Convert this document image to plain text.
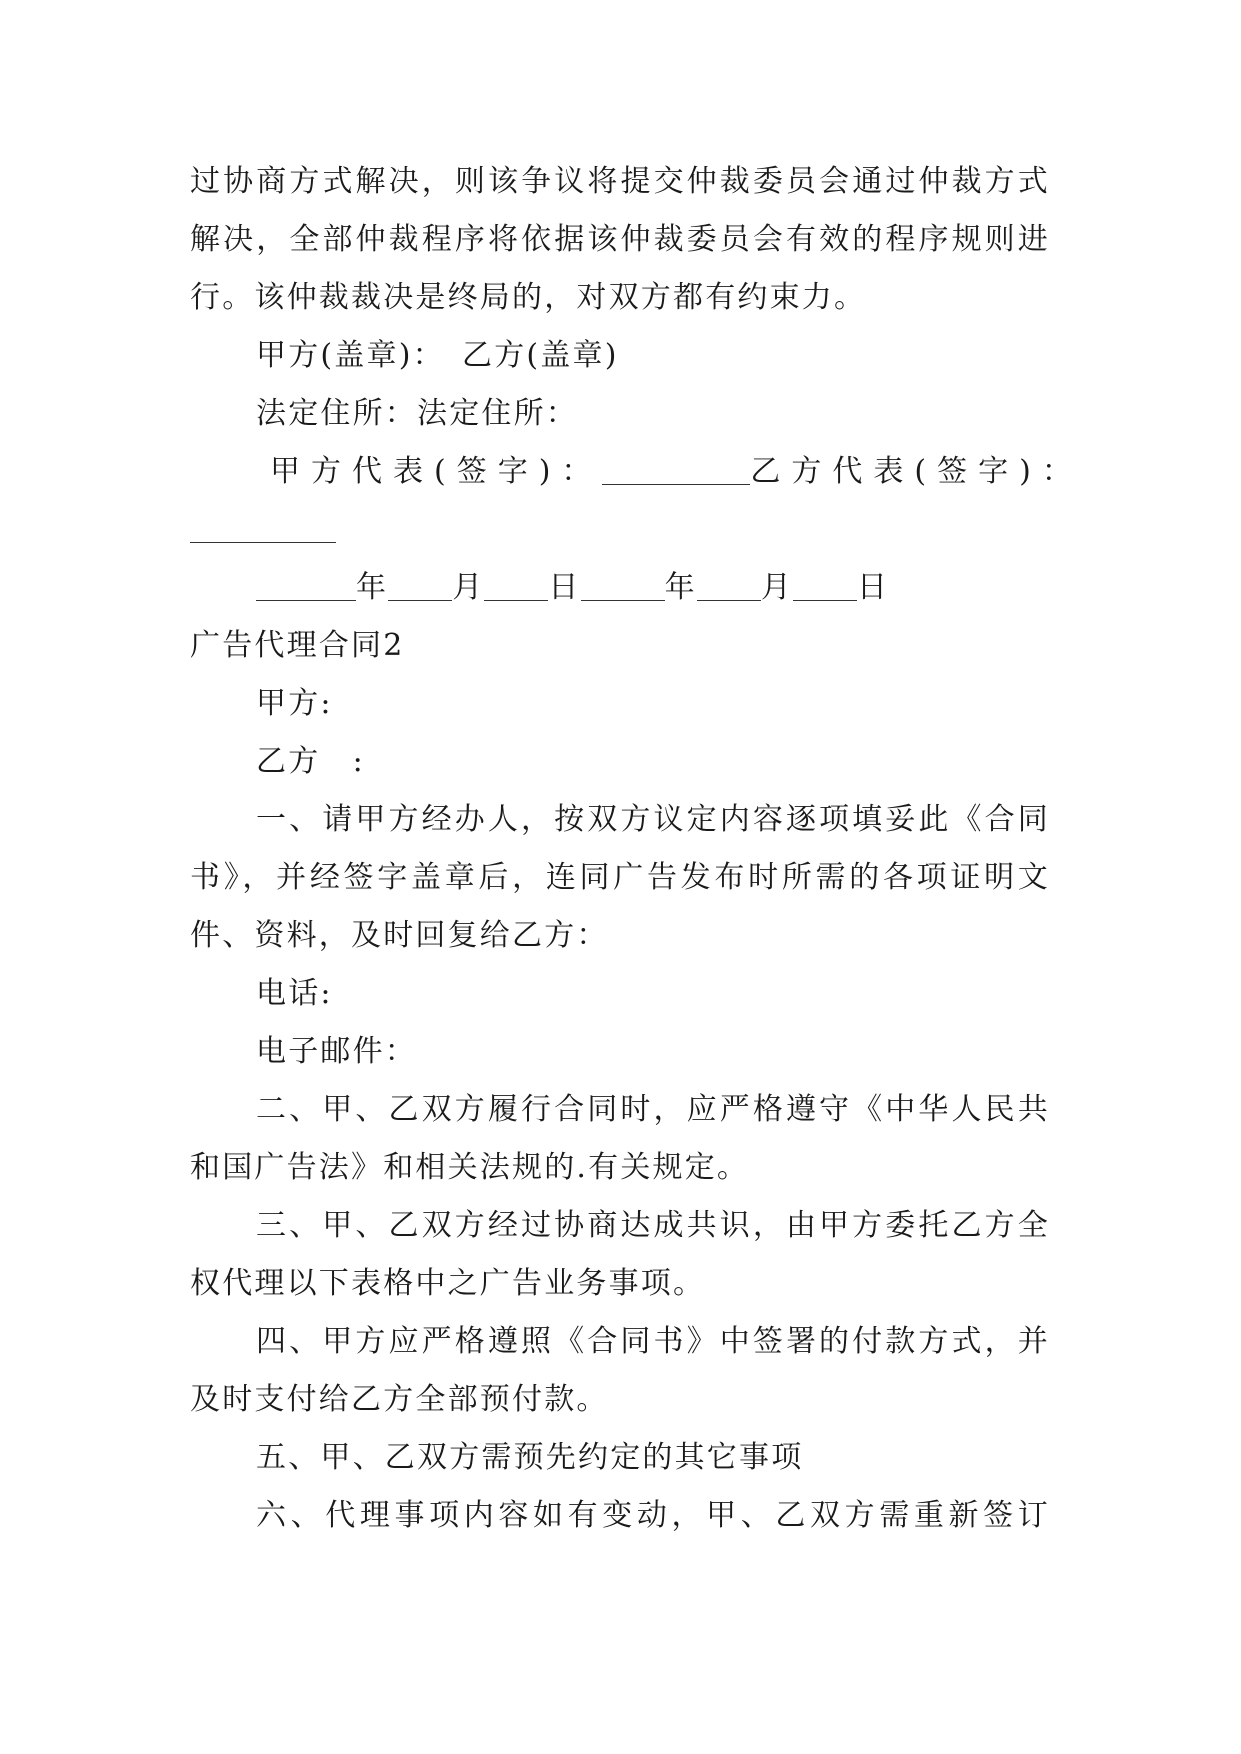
过协商方式解决，则该争议将提交仲裁委员会通过仲裁方式
解决，全部仲裁程序将依据该仲裁委员会有效的程序规则进
行。该仲裁裁决是终局的，对双方都有约束力。
甲方(盖章)：　乙方(盖章)
法定住所：法定住所：
甲方代表(签字)：	乙方代表(签字)：
年 月 日	年 月 日
广告代理合同2
甲方:
乙方　:
一、请甲方经办人，按双方议定内容逐项填妥此《合同
书》，并经签字盖章后，连同广告发布时所需的各项证明文
件、资料，及时回复给乙方：
电话:
电子邮件：
二、甲、乙双方履行合同时，应严格遵守《中华人民共
和国广告法》和相关法规的.有关规定。
三、甲、乙双方经过协商达成共识，由甲方委托乙方全
权代理以下表格中之广告业务事项。
四、甲方应严格遵照《合同书》中签署的付款方式，并
及时支付给乙方全部预付款。
五、甲、乙双方需预先约定的其它事项
六、代理事项内容如有变动，甲、乙双方需重新签订
